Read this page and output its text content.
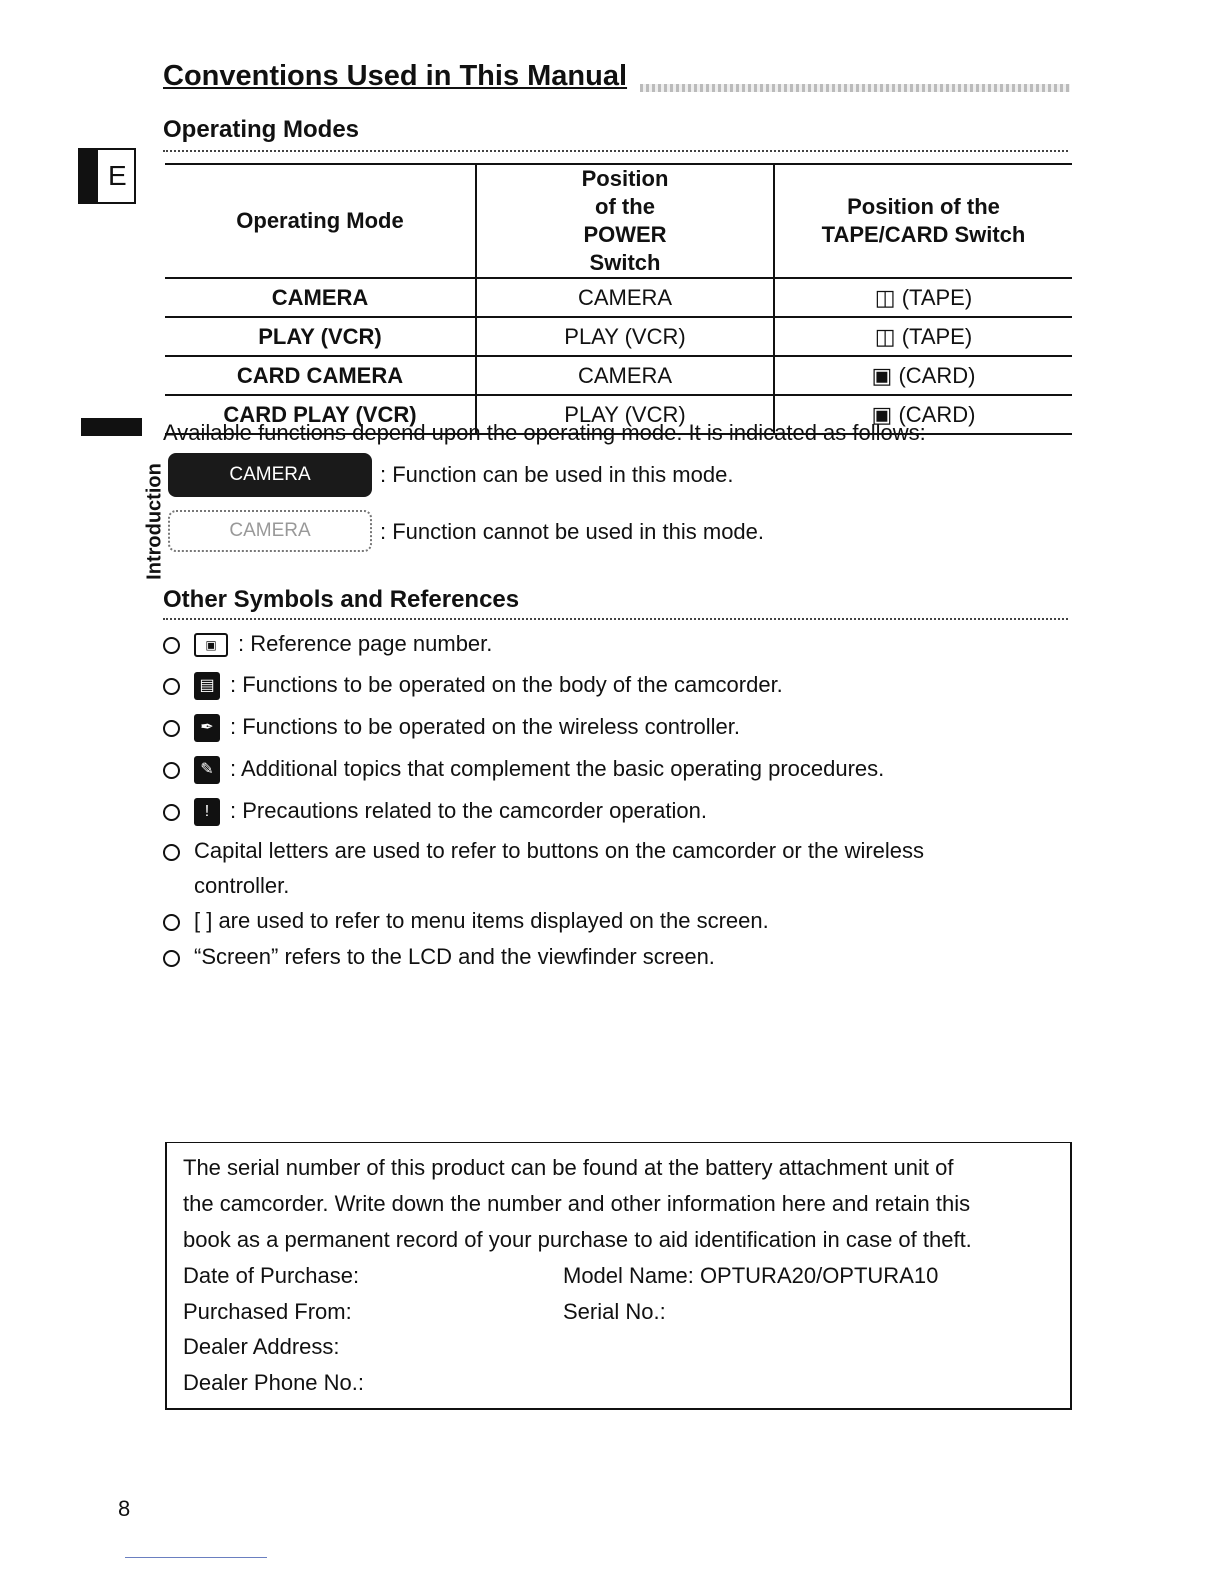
Conventions Used in This Manual
Operating Modes
E
Operating Mode	Position of the POWER Switch	Position of the TAPE/CARD Switch
CAMERA	CAMERA	◫ (TAPE)
PLAY (VCR)	PLAY (VCR)	◫ (TAPE)
CARD CAMERA	CAMERA	▣ (CARD)
CARD PLAY (VCR)	PLAY (VCR)	▣ (CARD)
Introduction
Available functions depend upon the operating mode. It is indicated as follows:
CAMERA	: Function can be used in this mode.
CAMERA	: Function cannot be used in this mode.
Other Symbols and References
▣ : Reference page number.
▤ : Functions to be operated on the body of the camcorder.
✒ : Functions to be operated on the wireless controller.
✎ : Additional topics that complement the basic operating procedures.
! : Precautions related to the camcorder operation.
Capital letters are used to refer to buttons on the camcorder or the wireless
controller.
[ ] are used to refer to menu items displayed on the screen.
“Screen” refers to the LCD and the viewfinder screen.
The serial number of this product can be found at the battery attachment unit of
the camcorder. Write down the number and other information here and retain this
book as a permanent record of your purchase to aid identification in case of theft.
Date of Purchase:	Model Name: OPTURA20/OPTURA10
Purchased From:	Serial No.:
Dealer Address:
Dealer Phone No.:
8
